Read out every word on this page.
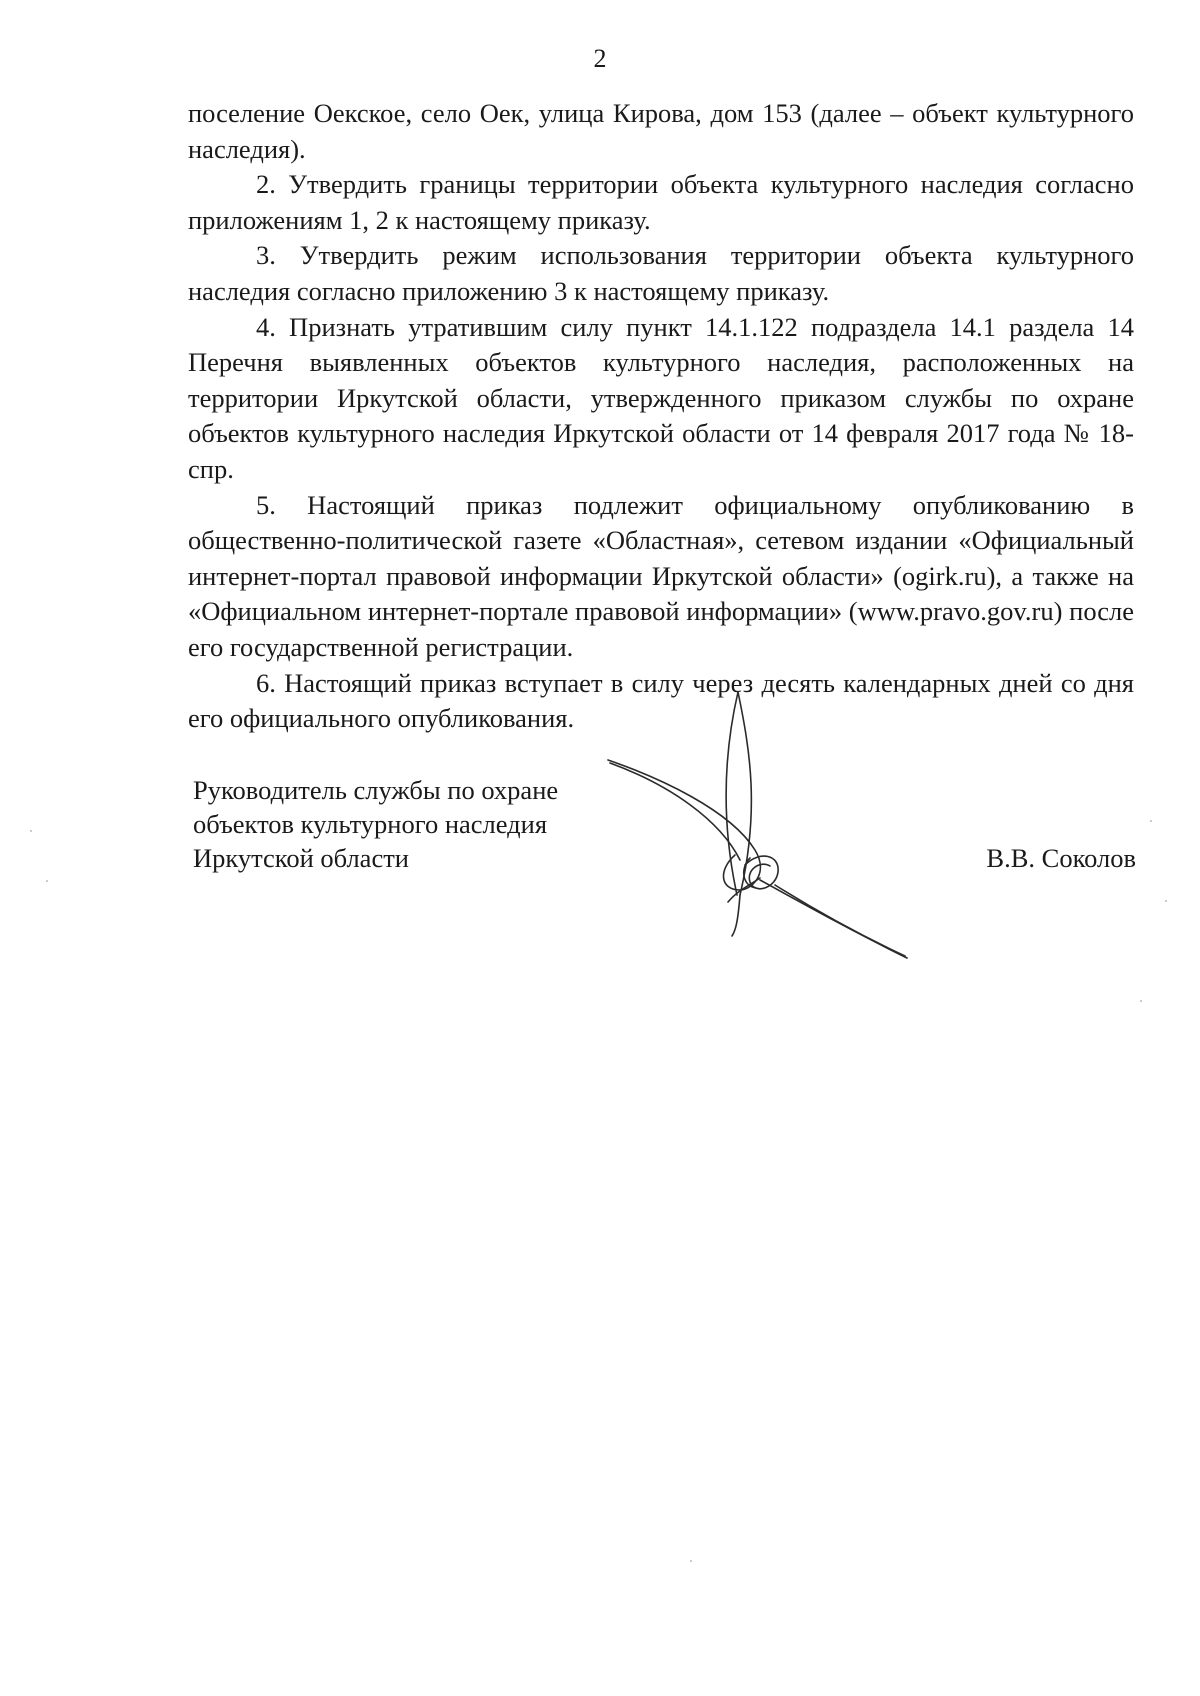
2

поселение Оекское, село Оек, улица Кирова, дом 153 (далее – объект культурного наследия).

2. Утвердить границы территории объекта культурного наследия согласно приложениям 1, 2 к настоящему приказу.

3. Утвердить режим использования территории объекта культурного наследия согласно приложению 3 к настоящему приказу.

4. Признать утратившим силу пункт 14.1.122 подраздела 14.1 раздела 14 Перечня выявленных объектов культурного наследия, расположенных на территории Иркутской области, утвержденного приказом службы по охране объектов культурного наследия Иркутской области от 14 февраля 2017 года № 18-спр.

5. Настоящий приказ подлежит официальному опубликованию в общественно-политической газете «Областная», сетевом издании «Официальный интернет-портал правовой информации Иркутской области» (ogirk.ru), а также на «Официальном интернет-портале правовой информации» (www.pravo.gov.ru) после его государственной регистрации.

6. Настоящий приказ вступает в силу через десять календарных дней со дня его официального опубликования.

Руководитель службы по охране
объектов культурного наследия
Иркутской области	В.В. Соколов
